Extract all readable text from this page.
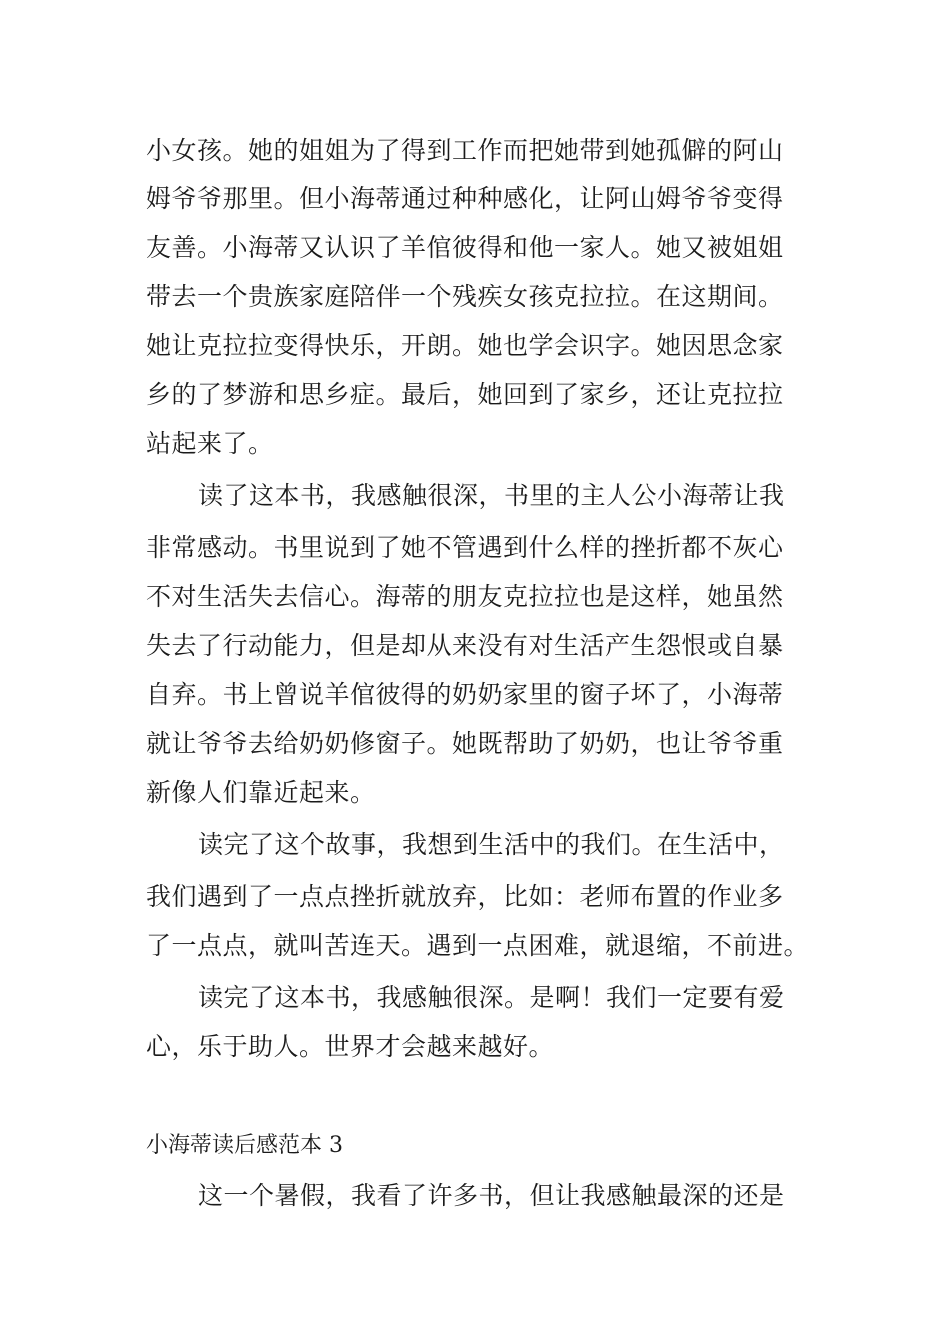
小女孩。她的姐姐为了得到工作而把她带到她孤僻的阿山
姆爷爷那里。但小海蒂通过种种感化，让阿山姆爷爷变得
友善。小海蒂又认识了羊倌彼得和他一家人。她又被姐姐
带去一个贵族家庭陪伴一个残疾女孩克拉拉。在这期间。
她让克拉拉变得快乐，开朗。她也学会识字。她因思念家
乡的了梦游和思乡症。最后，她回到了家乡，还让克拉拉
站起来了。
读了这本书，我感触很深，书里的主人公小海蒂让我
非常感动。书里说到了她不管遇到什么样的挫折都不灰心
不对生活失去信心。海蒂的朋友克拉拉也是这样，她虽然
失去了行动能力，但是却从来没有对生活产生怨恨或自暴
自弃。书上曾说羊倌彼得的奶奶家里的窗子坏了，小海蒂
就让爷爷去给奶奶修窗子。她既帮助了奶奶，也让爷爷重
新像人们靠近起来。
读完了这个故事，我想到生活中的我们。在生活中，
我们遇到了一点点挫折就放弃，比如：老师布置的作业多
了一点点，就叫苦连天。遇到一点困难，就退缩，不前进。
读完了这本书，我感触很深。是啊！我们一定要有爱
心，乐于助人。世界才会越来越好。
小海蒂读后感范本 3
这一个暑假，我看了许多书，但让我感触最深的还是
